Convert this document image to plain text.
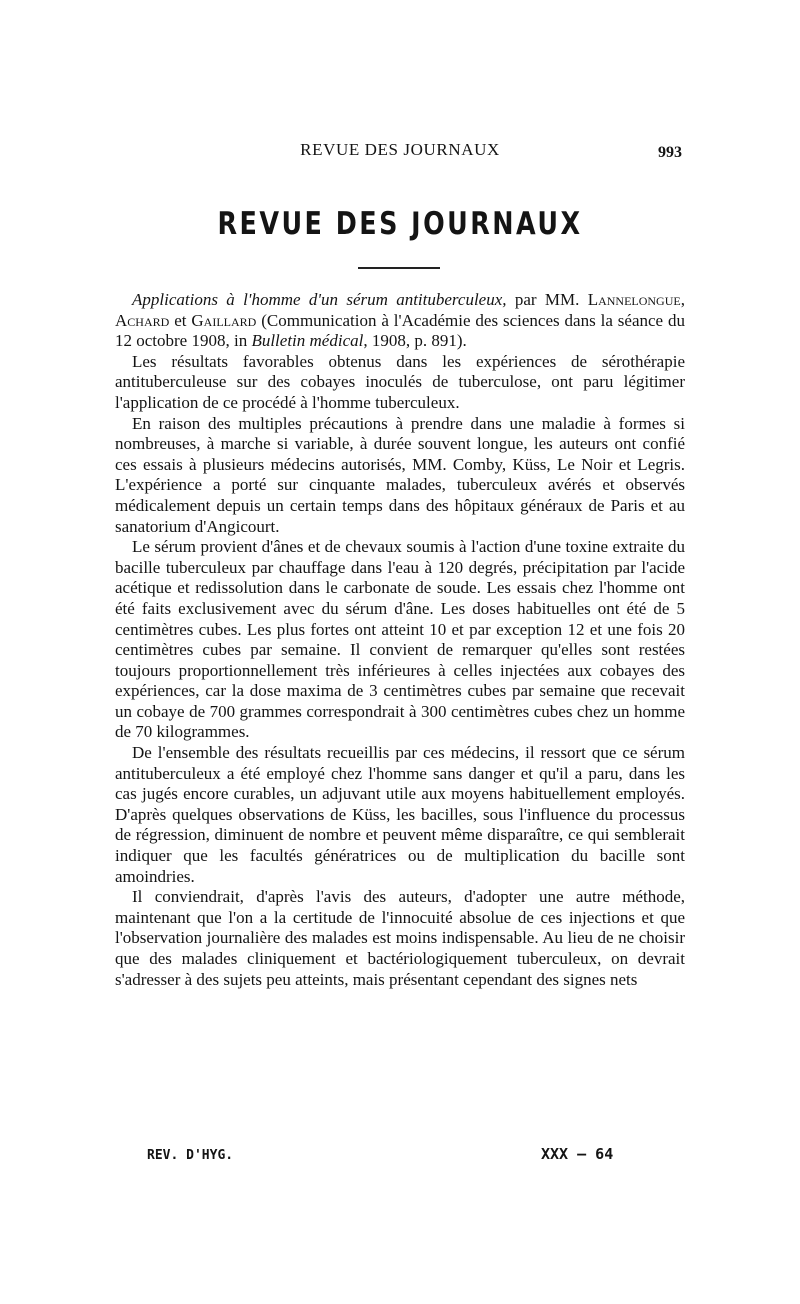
REVUE DES JOURNAUX	993
REVUE DES JOURNAUX

Applications à l'homme d'un sérum antituberculeux, par MM. Lannelongue, Achard et Gaillard (Communication à l'Académie des sciences dans la séance du 12 octobre 1908, in Bulletin médical, 1908, p. 891).

Les résultats favorables obtenus dans les expériences de sérothérapie antituberculeuse sur des cobayes inoculés de tuberculose, ont paru légitimer l'application de ce procédé à l'homme tuberculeux.

En raison des multiples précautions à prendre dans une maladie à formes si nombreuses, à marche si variable, à durée souvent longue, les auteurs ont confié ces essais à plusieurs médecins autorisés, MM. Comby, Küss, Le Noir et Legris. L'expérience a porté sur cinquante malades, tuberculeux avérés et observés médicalement depuis un certain temps dans des hôpitaux généraux de Paris et au sanatorium d'Angicourt.

Le sérum provient d'ânes et de chevaux soumis à l'action d'une toxine extraite du bacille tuberculeux par chauffage dans l'eau à 120 degrés, précipitation par l'acide acétique et redissolution dans le carbonate de soude. Les essais chez l'homme ont été faits exclusivement avec du sérum d'âne. Les doses habituelles ont été de 5 centimètres cubes. Les plus fortes ont atteint 10 et par exception 12 et une fois 20 centimètres cubes par semaine. Il convient de remarquer qu'elles sont restées toujours proportionnellement très inférieures à celles injectées aux cobayes des expériences, car la dose maxima de 3 centimètres cubes par semaine que recevait un cobaye de 700 grammes correspondrait à 300 centimètres cubes chez un homme de 70 kilogrammes.

De l'ensemble des résultats recueillis par ces médecins, il ressort que ce sérum antituberculeux a été employé chez l'homme sans danger et qu'il a paru, dans les cas jugés encore curables, un adjuvant utile aux moyens habituellement employés. D'après quelques observations de Küss, les bacilles, sous l'influence du processus de régression, diminuent de nombre et peuvent même disparaître, ce qui semblerait indiquer que les facultés génératrices ou de multiplication du bacille sont amoindries.

Il conviendrait, d'après l'avis des auteurs, d'adopter une autre méthode, maintenant que l'on a la certitude de l'innocuité absolue de ces injections et que l'observation journalière des malades est moins indispensable. Au lieu de ne choisir que des malades cliniquement et bactériologiquement tuberculeux, on devrait s'adresser à des sujets peu atteints, mais présentant cependant des signes nets

REV. D'HYG.	XXX — 64
